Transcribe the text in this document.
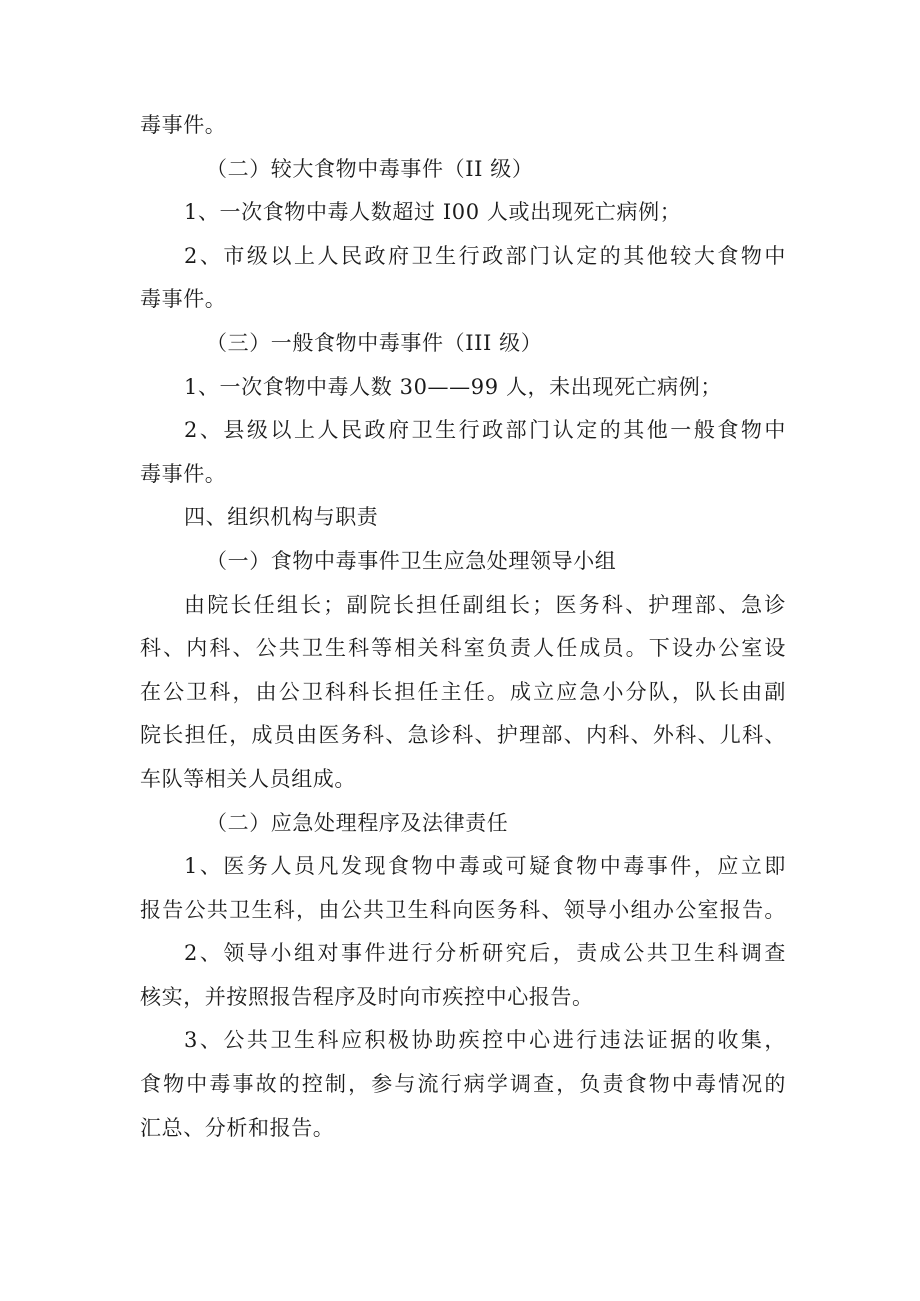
毒事件。
（二）较大食物中毒事件（II 级）
1、一次食物中毒人数超过 I00 人或出现死亡病例；
2、市级以上人民政府卫生行政部门认定的其他较大食物中
毒事件。
（三）一般食物中毒事件（III 级）
1、一次食物中毒人数 30——99 人，未出现死亡病例；
2、县级以上人民政府卫生行政部门认定的其他一般食物中
毒事件。
四、组织机构与职责
（一）食物中毒事件卫生应急处理领导小组
由院长任组长；副院长担任副组长；医务科、护理部、急诊
科、内科、公共卫生科等相关科室负责人任成员。下设办公室设
在公卫科，由公卫科科长担任主任。成立应急小分队，队长由副
院长担任，成员由医务科、急诊科、护理部、内科、外科、儿科、
车队等相关人员组成。
（二）应急处理程序及法律责任
1、医务人员凡发现食物中毒或可疑食物中毒事件，应立即
报告公共卫生科，由公共卫生科向医务科、领导小组办公室报告。
2、领导小组对事件进行分析研究后，责成公共卫生科调查
核实，并按照报告程序及时向市疾控中心报告。
3、公共卫生科应积极协助疾控中心进行违法证据的收集，
食物中毒事故的控制，参与流行病学调查，负责食物中毒情况的
汇总、分析和报告。
